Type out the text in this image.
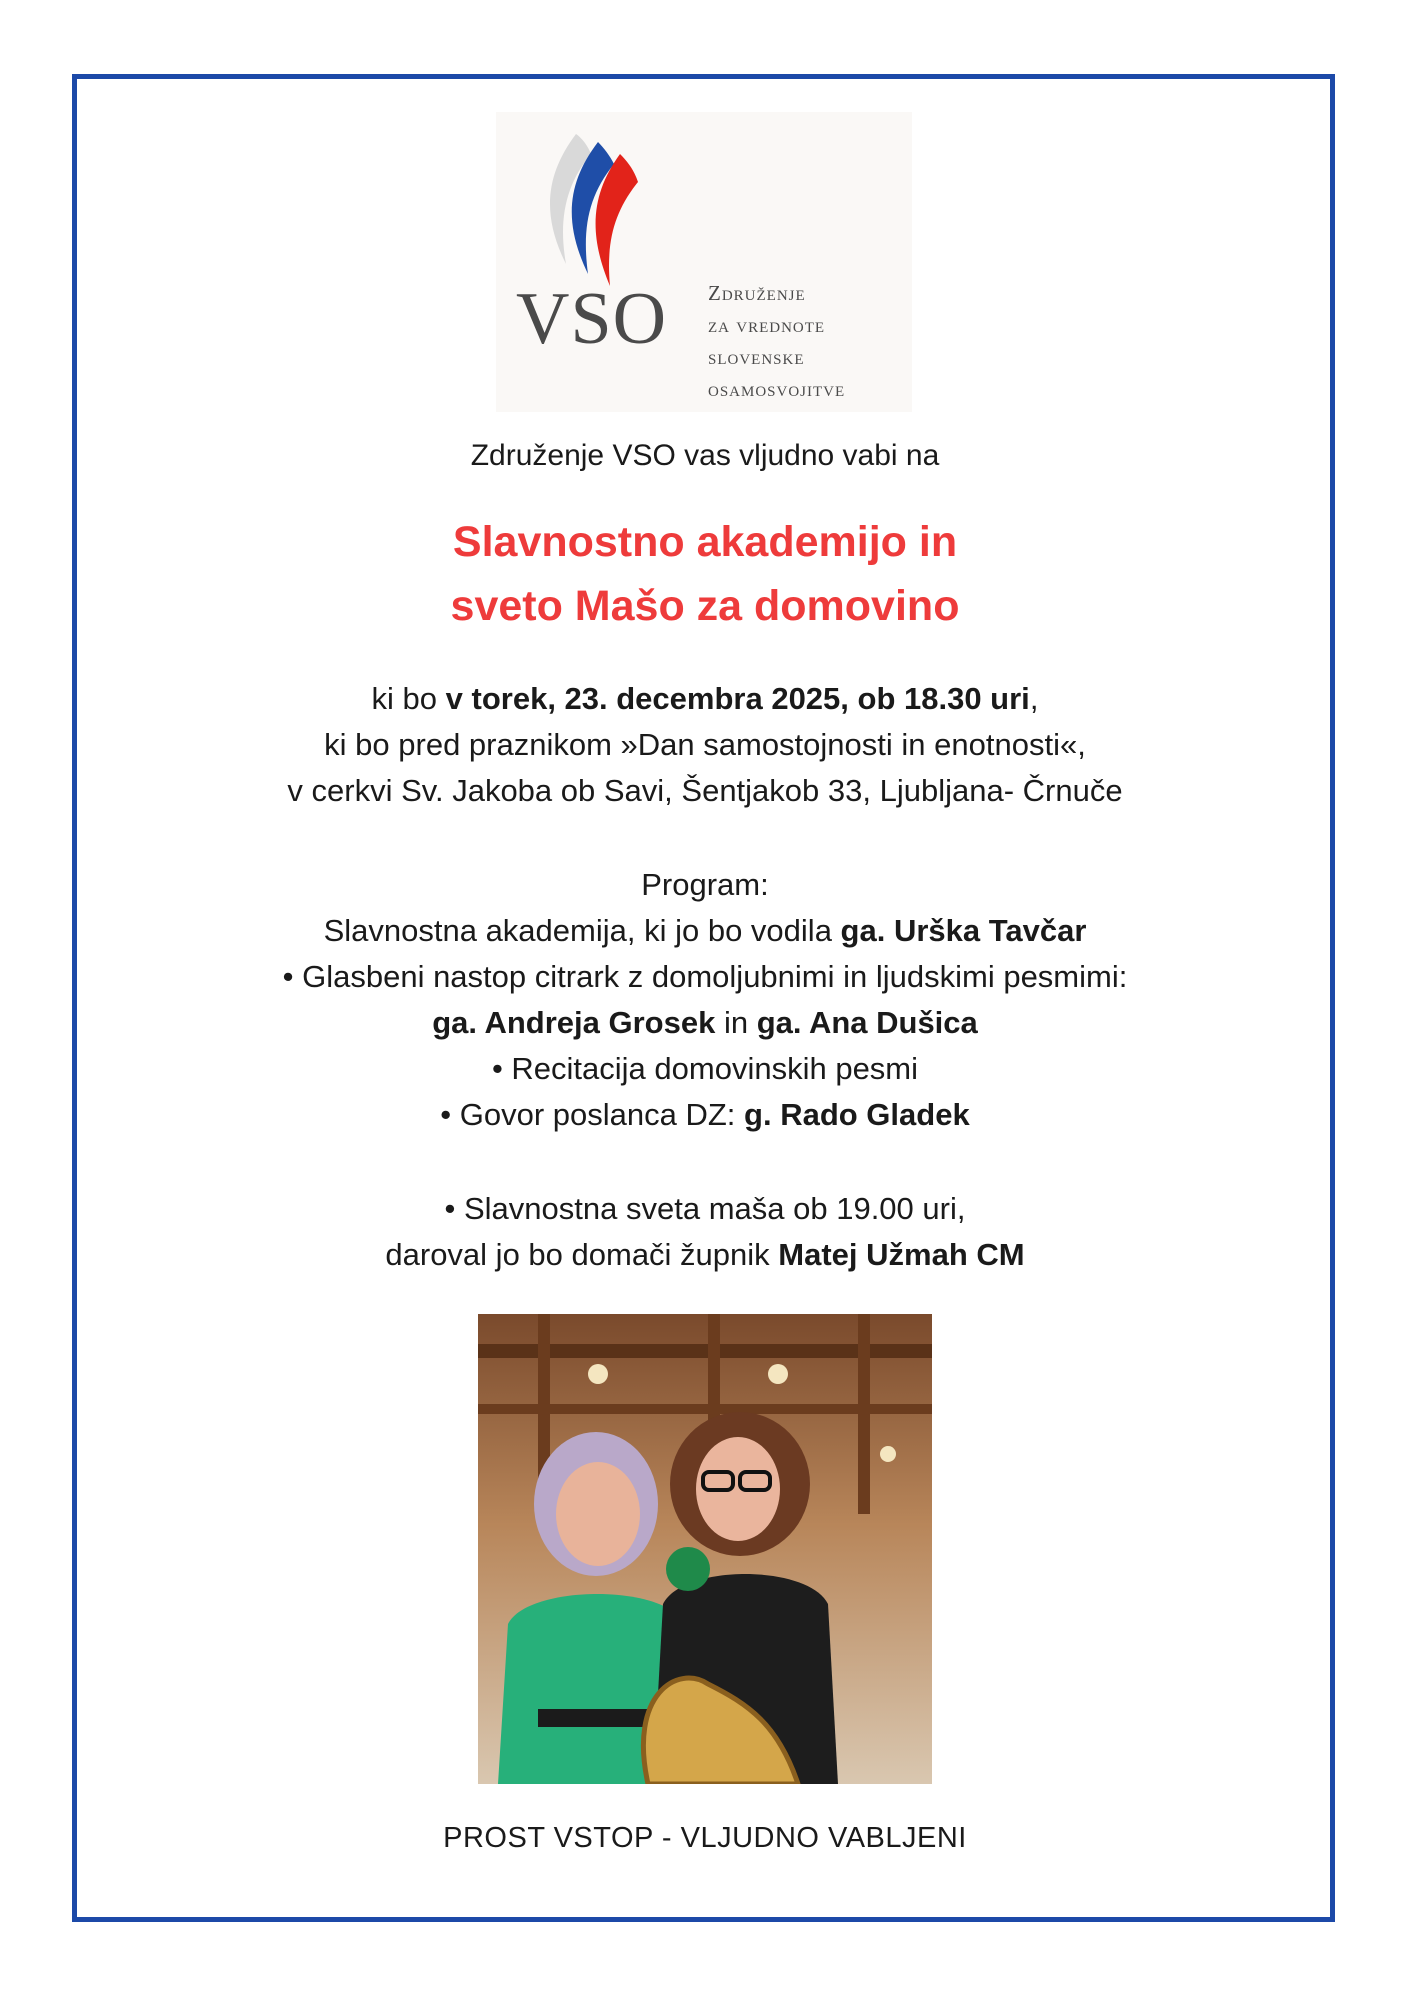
VSO Združenje
za vrednote
slovenske
osamosvojitve
Združenje VSO vas vljudno vabi na
Slavnostno akademijo in
sveto Mašo za domovino
ki bo v torek, 23. decembra 2025, ob 18.30 uri,
ki bo pred praznikom »Dan samostojnosti in enotnosti«,
v cerkvi Sv. Jakoba ob Savi, Šentjakob 33, Ljubljana- Črnuče
Program:
Slavnostna akademija, ki jo bo vodila ga. Urška Tavčar
• Glasbeni nastop citrark z domoljubnimi in ljudskimi pesmimi:
ga. Andreja Grosek in ga. Ana Dušica
• Recitacija domovinskih pesmi
• Govor poslanca DZ: g. Rado Gladek
• Slavnostna sveta maša ob 19.00 uri,
daroval jo bo domači župnik Matej Užmah CM
PROST VSTOP - VLJUDNO VABLJENI
